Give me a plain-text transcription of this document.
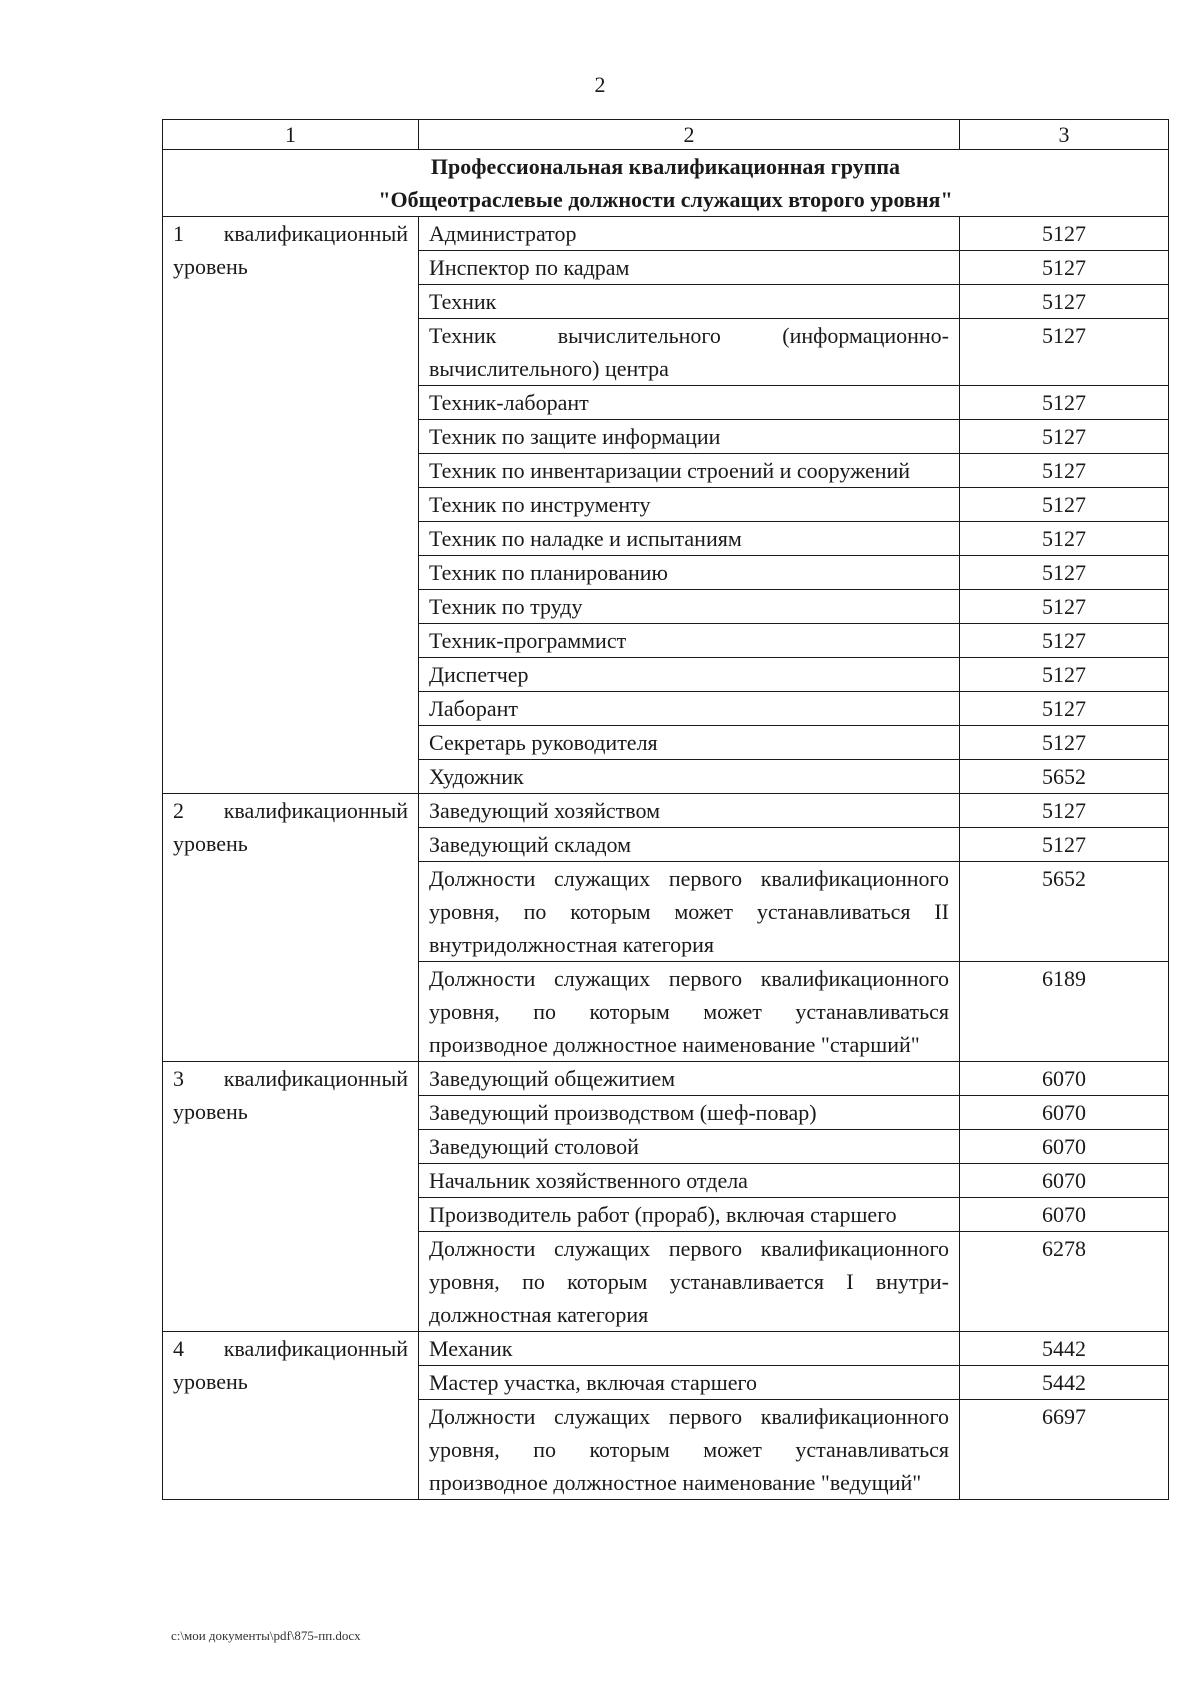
2
1	2	3

Профессиональная квалификационная группа
"Общеотраслевые должности служащих второго уровня"		

1 квалификационный уровень	Администратор	5127
	Инспектор по кадрам	5127
	Техник	5127
	Техник вычислительного (информационно-вычислительного) центра	5127
	Техник-лаборант	5127
	Техник по защите информации	5127
	Техник по инвентаризации строений и сооружений	5127
	Техник по инструменту	5127
	Техник по наладке и испытаниям	5127
	Техник по планированию	5127
	Техник по труду	5127
	Техник-программист	5127
	Диспетчер	5127
	Лаборант	5127
	Секретарь руководителя	5127
	Художник	5652
2 квалификационный уровень	Заведующий хозяйством	5127
	Заведующий складом	5127
	Должности служащих первого квалификационного уровня, по которым может устанавливаться II внутридолжностная категория	5652
	Должности служащих первого квалификационного уровня, по которым может устанавливаться производное должностное наименование "старший"	6189
3 квалификационный уровень	Заведующий общежитием	6070
	Заведующий производством (шеф-повар)	6070
	Заведующий столовой	6070
	Начальник хозяйственного отдела	6070
	Производитель работ (прораб), включая старшего	6070
	Должности служащих первого квалификационного уровня, по которым устанавливается I внутри-должностная категория	6278
4 квалификационный уровень	Механик	5442
	Мастер участка, включая старшего	5442
	Должности служащих первого квалификационного уровня, по которым может устанавливаться производное должностное наименование "ведущий"	6697
c:\мои документы\pdf\875-пп.docx
